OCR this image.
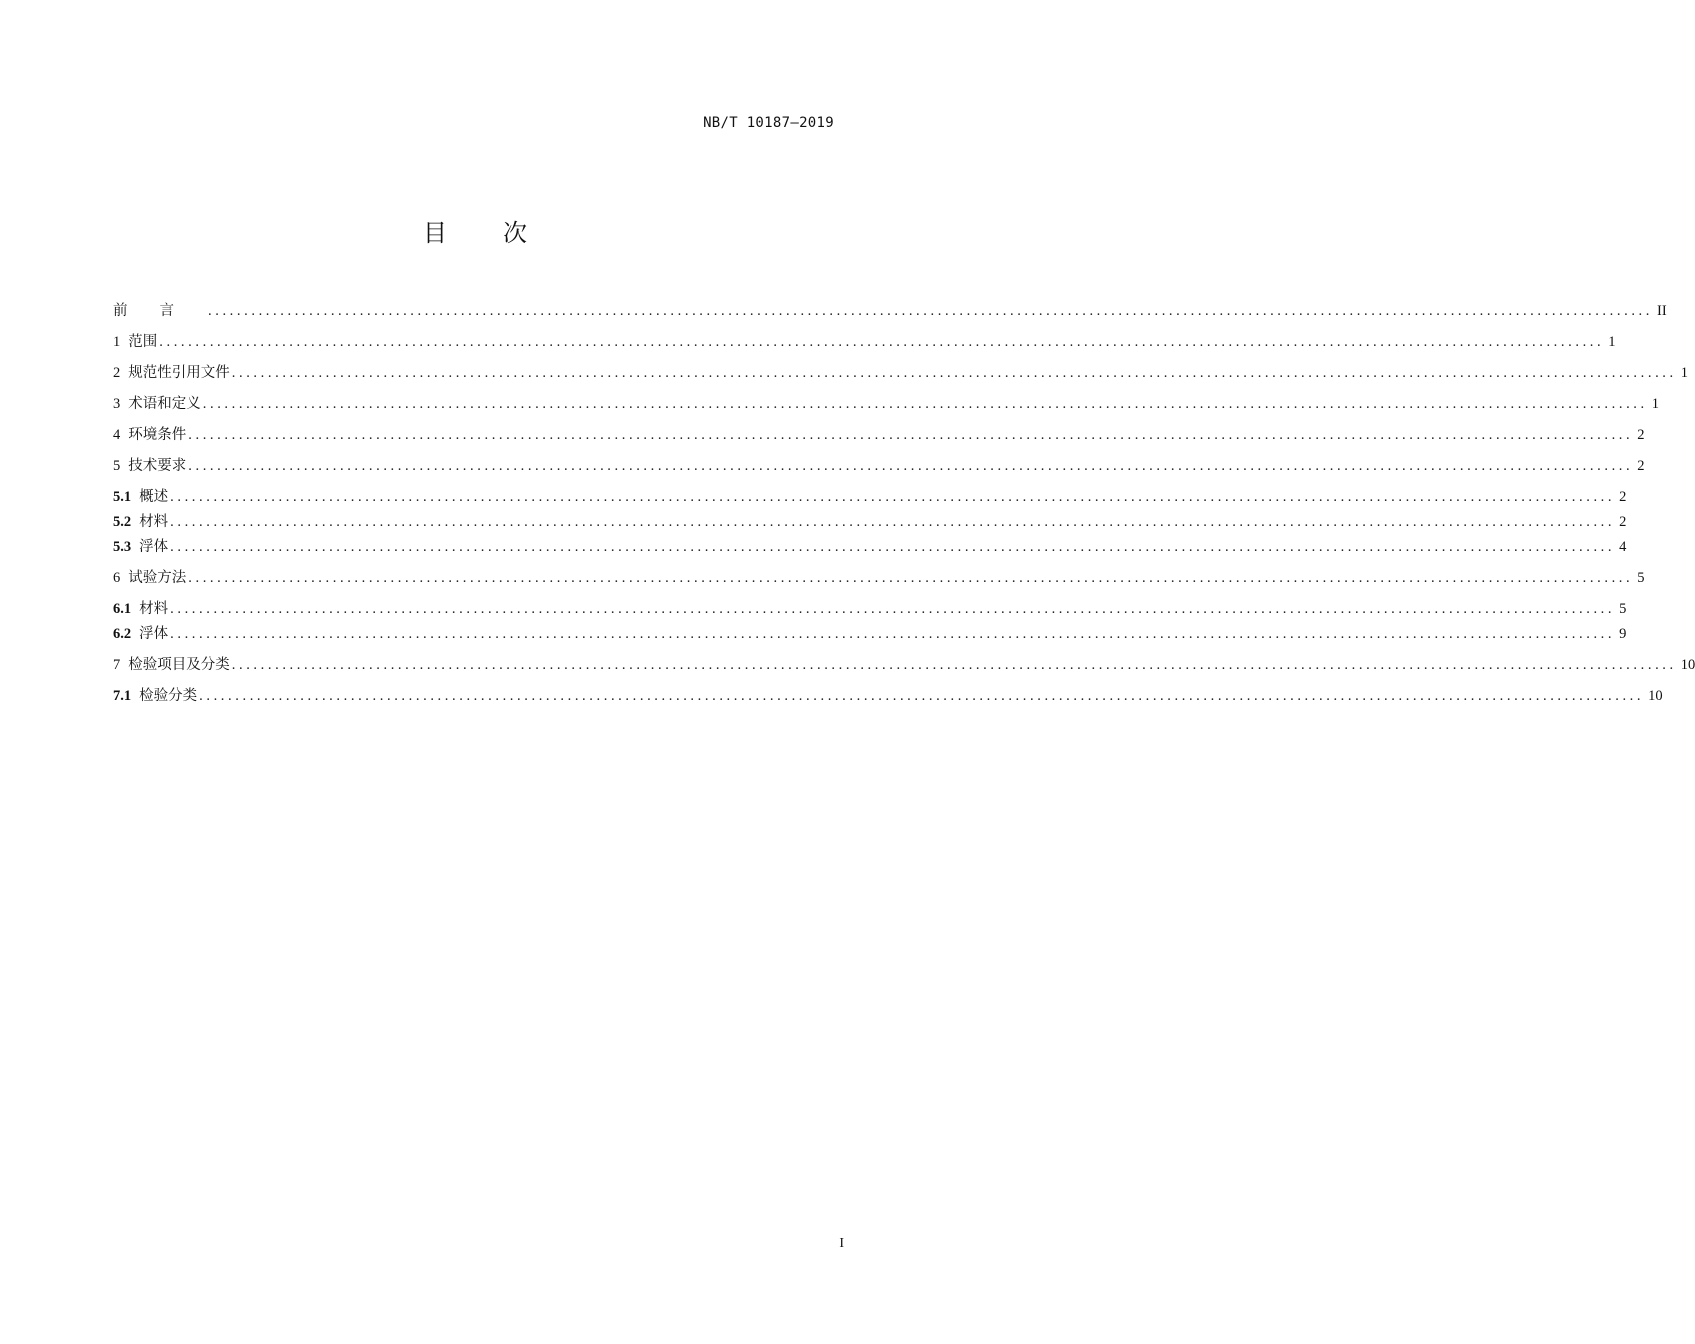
NB/T 10187—2019
目次
前言 ........................................................................................................................................................................................................ II
1 范围 ........................................................................................................................................................................................................ 1
2 规范性引用文件 ........................................................................................................................................................................................................ 1
3 术语和定义 ........................................................................................................................................................................................................ 1
4 环境条件 ........................................................................................................................................................................................................ 2
5 技术要求 ........................................................................................................................................................................................................ 2
5.1 概述 ........................................................................................................................................................................................................ 2
5.2 材料 ........................................................................................................................................................................................................ 2
5.3 浮体 ........................................................................................................................................................................................................ 4
6 试验方法 ........................................................................................................................................................................................................ 5
6.1 材料 ........................................................................................................................................................................................................ 5
6.2 浮体 ........................................................................................................................................................................................................ 9
7 检验项目及分类 ........................................................................................................................................................................................................ 10
7.1 检验分类 ........................................................................................................................................................................................................ 10
I
